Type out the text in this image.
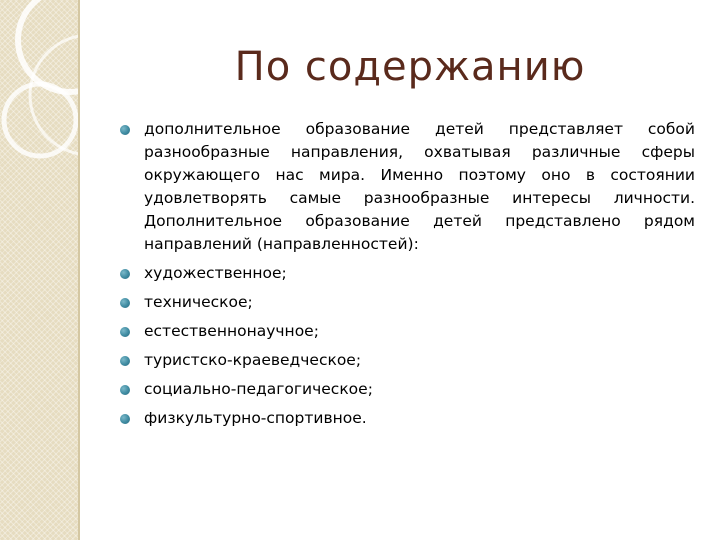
По содержанию
дополнительное образование детей представляет собой разнообразные направления, охватывая различные сферы окружающего нас мира. Именно поэтому оно в состоянии удовлетворять самые разнообразные интересы личности. Дополнительное образование детей представлено рядом направлений (направленностей):
художественное;
техническое;
естественнонаучное;
туристско-краеведческое;
социально-педагогическое;
физкультурно-спортивное.
